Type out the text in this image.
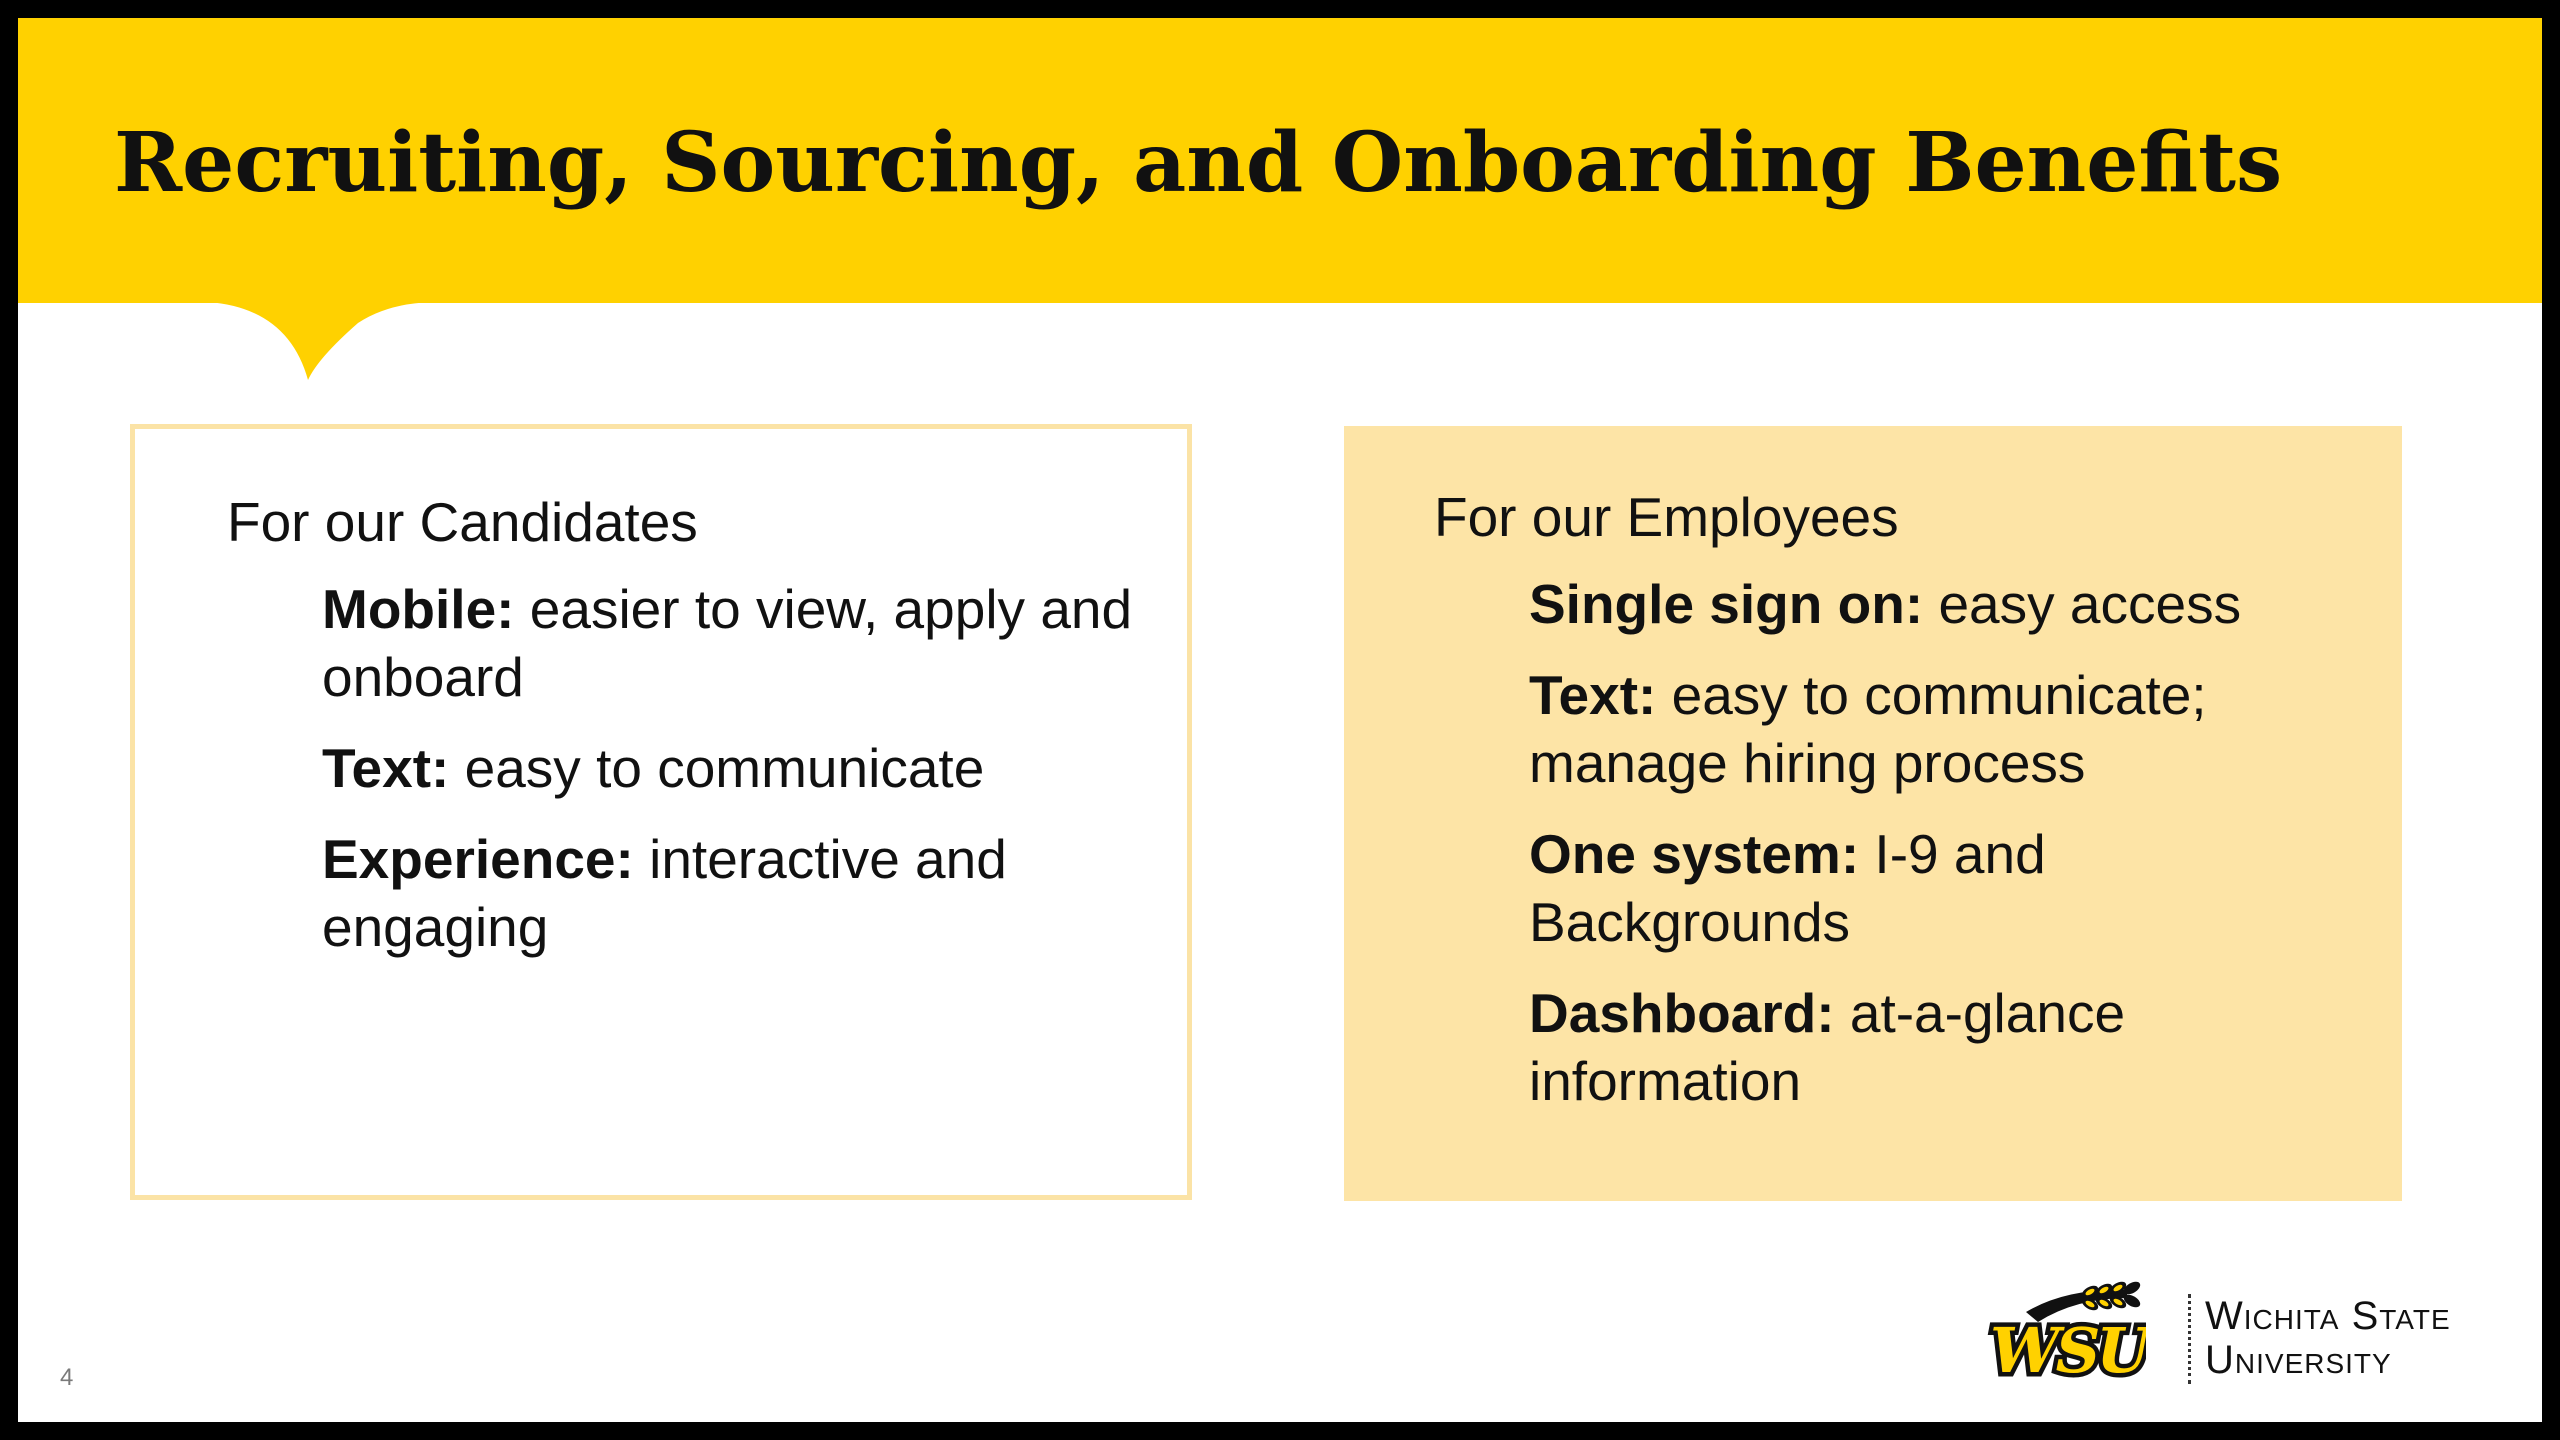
Recruiting, Sourcing, and Onboarding Benefits
For our Candidates
Mobile: easier to view, apply and onboard
Text: easy to communicate
Experience: interactive and engaging
For our Employees
Single sign on: easy access
Text: easy to communicate; manage hiring process
One system: I-9 and Backgrounds
Dashboard: at-a-glance information
4	WSU Wichita State
University
